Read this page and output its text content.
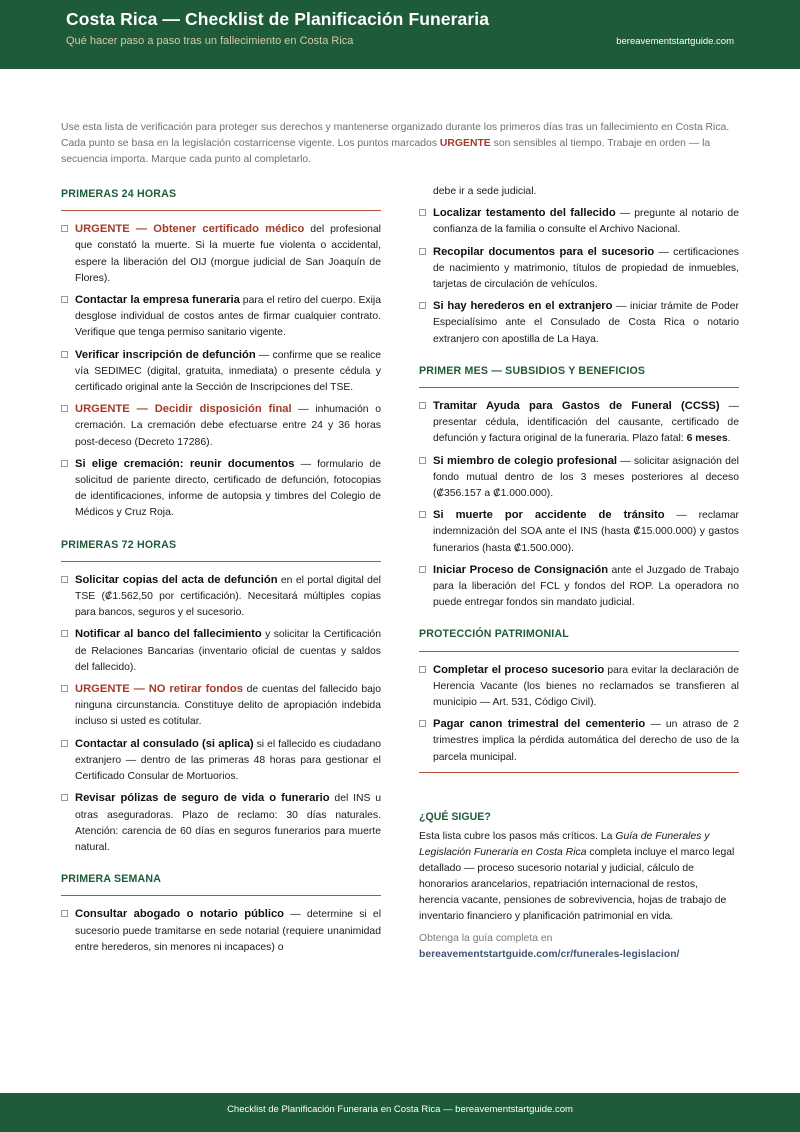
Costa Rica — Checklist de Planificación Funeraria
Qué hacer paso a paso tras un fallecimiento en Costa Rica	bereavementstartguide.com
Use esta lista de verificación para proteger sus derechos y mantenerse organizado durante los primeros días tras un fallecimiento en Costa Rica. Cada punto se basa en la legislación costarricense vigente. Los puntos marcados URGENTE son sensibles al tiempo. Trabaje en orden — la secuencia importa. Marque cada punto al completarlo.
PRIMERAS 24 HORAS
URGENTE — Obtener certificado médico del profesional que constató la muerte. Si la muerte fue violenta o accidental, espere la liberación del OIJ (morgue judicial de San Joaquín de Flores).
Contactar la empresa funeraria para el retiro del cuerpo. Exija desglose individual de costos antes de firmar cualquier contrato. Verifique que tenga permiso sanitario vigente.
Verificar inscripción de defunción — confirme que se realice vía SEDIMEC (digital, gratuita, inmediata) o presente cédula y certificado original ante la Sección de Inscripciones del TSE.
URGENTE — Decidir disposición final — inhumación o cremación. La cremación debe efectuarse entre 24 y 36 horas post-deceso (Decreto 17286).
Si elige cremación: reunir documentos — formulario de solicitud de pariente directo, certificado de defunción, fotocopias de identificaciones, informe de autopsia y timbres del Colegio de Médicos y Cruz Roja.
PRIMERAS 72 HORAS
Solicitar copias del acta de defunción en el portal digital del TSE (₡1.562,50 por certificación). Necesitará múltiples copias para bancos, seguros y el sucesorio.
Notificar al banco del fallecimiento y solicitar la Certificación de Relaciones Bancarias (inventario oficial de cuentas y saldos del fallecido).
URGENTE — NO retirar fondos de cuentas del fallecido bajo ninguna circunstancia. Constituye delito de apropiación indebida incluso si usted es cotitular.
Contactar al consulado (si aplica) si el fallecido es ciudadano extranjero — dentro de las primeras 48 horas para gestionar el Certificado Consular de Mortuorios.
Revisar pólizas de seguro de vida o funerario del INS u otras aseguradoras. Plazo de reclamo: 30 días naturales. Atención: carencia de 60 días en seguros funerarios para muerte natural.
PRIMERA SEMANA
Consultar abogado o notario público — determine si el sucesorio puede tramitarse en sede notarial (requiere unanimidad entre herederos, sin menores ni incapaces) o
debe ir a sede judicial.
Localizar testamento del fallecido — pregunte al notario de confianza de la familia o consulte el Archivo Nacional.
Recopilar documentos para el sucesorio — certificaciones de nacimiento y matrimonio, títulos de propiedad de inmuebles, tarjetas de circulación de vehículos.
Si hay herederos en el extranjero — iniciar trámite de Poder Especialísimo ante el Consulado de Costa Rica o notario extranjero con apostilla de La Haya.
PRIMER MES — SUBSIDIOS Y BENEFICIOS
Tramitar Ayuda para Gastos de Funeral (CCSS) — presentar cédula, identificación del causante, certificado de defunción y factura original de la funeraria. Plazo fatal: 6 meses.
Si miembro de colegio profesional — solicitar asignación del fondo mutual dentro de los 3 meses posteriores al deceso (₡356.157 a ₡1.000.000).
Si muerte por accidente de tránsito — reclamar indemnización del SOA ante el INS (hasta ₡15.000.000) y gastos funerarios (hasta ₡1.500.000).
Iniciar Proceso de Consignación ante el Juzgado de Trabajo para la liberación del FCL y fondos del ROP. La operadora no puede entregar fondos sin mandato judicial.
PROTECCIÓN PATRIMONIAL
Completar el proceso sucesorio para evitar la declaración de Herencia Vacante (los bienes no reclamados se transfieren al municipio — Art. 531, Código Civil).
Pagar canon trimestral del cementerio — un atraso de 2 trimestres implica la pérdida automática del derecho de uso de la parcela municipal.
¿QUÉ SIGUE?
Esta lista cubre los pasos más críticos. La Guía de Funerales y Legislación Funeraria en Costa Rica completa incluye el marco legal detallado — proceso sucesorio notarial y judicial, cálculo de honorarios arancelarios, repatriación internacional de restos, herencia vacante, pensiones de sobrevivencia, hojas de trabajo de inventario financiero y planificación patrimonial en vida.
Obtenga la guía completa en
bereavementstartguide.com/cr/funerales-legislacion/
Checklist de Planificación Funeraria en Costa Rica — bereavementstartguide.com
